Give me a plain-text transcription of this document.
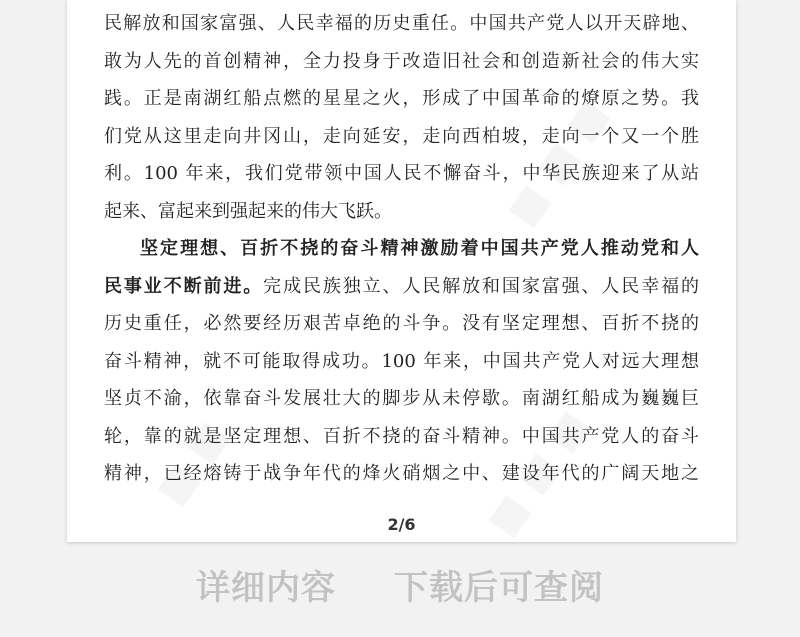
民解放和国家富强、人民幸福的历史重任。中国共产党人以开天辟地、
敢为人先的首创精神，全力投身于改造旧社会和创造新社会的伟大实
践。正是南湖红船点燃的星星之火，形成了中国革命的燎原之势。我
们党从这里走向井冈山，走向延安，走向西柏坡，走向一个又一个胜
利。100 年来，我们党带领中国人民不懈奋斗，中华民族迎来了从站
起来、富起来到强起来的伟大飞跃。
坚定理想、百折不挠的奋斗精神激励着中国共产党人推动党和人
民事业不断前进。完成民族独立、人民解放和国家富强、人民幸福的
历史重任，必然要经历艰苦卓绝的斗争。没有坚定理想、百折不挠的
奋斗精神，就不可能取得成功。100 年来，中国共产党人对远大理想
坚贞不渝，依靠奋斗发展壮大的脚步从未停歇。南湖红船成为巍巍巨
轮，靠的就是坚定理想、百折不挠的奋斗精神。中国共产党人的奋斗
精神，已经熔铸于战争年代的烽火硝烟之中、建设年代的广阔天地之
2/6
详细内容 下载后可查阅
